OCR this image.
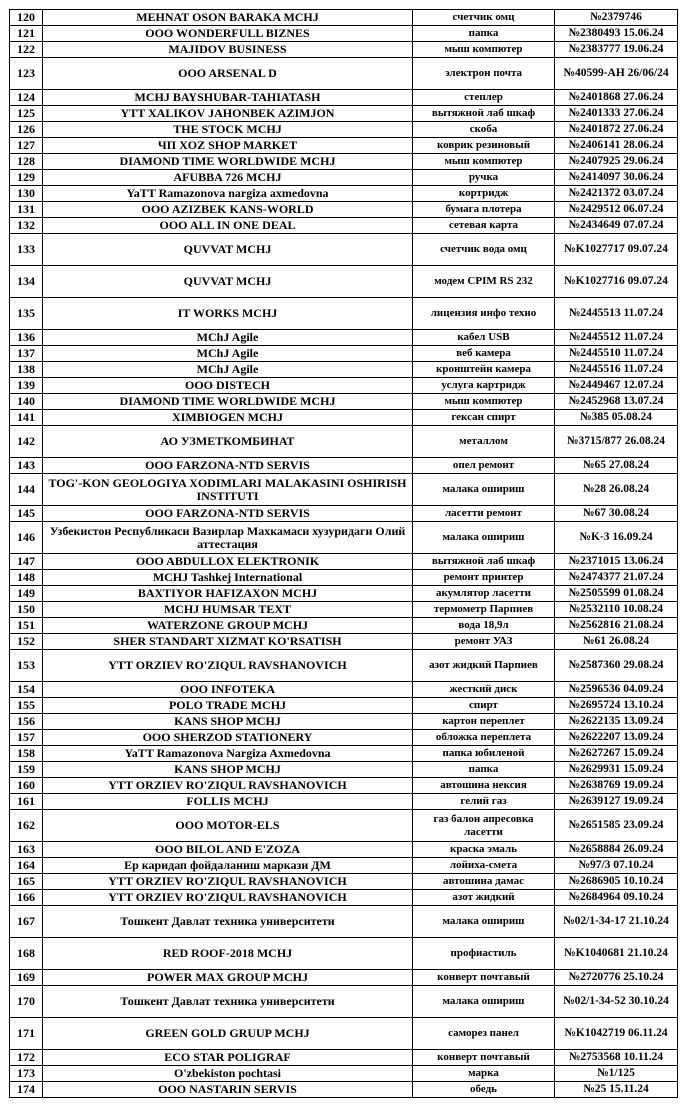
120	MEHNAT OSON BARAKA MCHJ	счетчик омц	№2379746
121	OOO WONDERFULL BIZNES	папка	№2380493 15.06.24
122	MAJIDOV BUSINESS	мыш компютер	№2383777 19.06.24
123	OOO ARSENAL D	электрон почта	№40599-AH 26/06/24
124	MCHJ BAYSHUBAR-TAHIATASH	степлер	№2401868 27.06.24
125	YTT XALIKOV JAHONBEK AZIMJON	вытяжной лаб шкаф	№2401333 27.06.24
126	THE STOCK MCHJ	скоба	№2401872 27.06.24
127	ЧП XOZ SHOP MARKET	коврик резиновый	№2406141 28.06.24
128	DIAMOND TIME WORLDWIDE MCHJ	мыш компютер	№2407925 29.06.24
129	AFUBBA 726 MCHJ	ручка	№2414097 30.06.24
130	YaTT Ramazonova nargiza axmedovna	кортридж	№2421372 03.07.24
131	OOO AZIZBEK KANS-WORLD	бумага плотера	№2429512 06.07.24
132	OOO ALL IN ONE DEAL	сетевая карта	№2434649 07.07.24
133	QUVVAT MCHJ	счетчик вода омц	№K1027717 09.07.24
134	QUVVAT MCHJ	модем CPIM RS 232	№K1027716 09.07.24
135	IT WORKS MCHJ	лицензия инфо техно	№2445513 11.07.24
136	MChJ Agile	кабел USB	№2445512 11.07.24
137	MChJ Agile	веб камера	№2445510 11.07.24
138	MChJ Agile	кронштейн камера	№2445516 11.07.24
139	OOO DISTECH	услуга картридж	№2449467 12.07.24
140	DIAMOND TIME WORLDWIDE MCHJ	мыш компютер	№2452968 13.07.24
141	XIMBIOGEN MCHJ	гексан спирт	№385 05.08.24
142	АО УЗМЕТКОМБИНАТ	металлом	№3715/877 26.08.24
143	OOO FARZONA-NTD SERVIS	опел ремонт	№65 27.08.24
144	TOG'-KON GEOLOGIYA XODIMLARI MALAKASINI OSHIRISH INSTITUTI	малака ошириш	№28 26.08.24
145	OOO FARZONA-NTD SERVIS	ласетти ремонт	№67 30.08.24
146	Узбекистон Республикаси Вазирлар Махкамаси хузуридаги Олий аттестация	малака ошириш	№K-3 16.09.24
147	OOO ABDULLOX ELEKTRONIK	вытяжной лаб шкаф	№2371015 13.06.24
148	MCHJ Tashkej International	ремонт принтер	№2474377 21.07.24
149	BAXTIYOR HAFIZAXON MCHJ	акумлятор ласетти	№2505599 01.08.24
150	MCHJ HUMSAR TEXT	термометр Парпиев	№2532110 10.08.24
151	WATERZONE GROUP MCHJ	вода 18,9л	№2562816 21.08.24
152	SHER STANDART XIZMAT KO'RSATISH	ремонт УАЗ	№61 26.08.24
153	YTT ORZIEV RO'ZIQUL RAVSHANOVICH	азот жидкий Парпиев	№2587360 29.08.24
154	OOO INFOTEKA	жесткий диск	№2596536 04.09.24
155	POLO TRADE MCHJ	спирт	№2695724 13.10.24
156	KANS SHOP MCHJ	картон переплет	№2622135 13.09.24
157	OOO SHERZOD STATIONERY	обложка переплета	№2622207 13.09.24
158	YaTT Ramazonova Nargiza Axmedovna	папка юбиленой	№2627267 15.09.24
159	KANS SHOP MCHJ	папка	№2629931 15.09.24
160	YTT ORZIEV RO'ZIQUL RAVSHANOVICH	автошина нексия	№2638769 19.09.24
161	FOLLIS MCHJ	гелий газ	№2639127 19.09.24
162	OOO MOTOR-ELS	газ балон апресовка ласетти	№2651585 23.09.24
163	OOO BILOL AND E'ZOZA	краска эмаль	№2658884 26.09.24
164	Ер каридап фойдаланиш маркази ДМ	лойиха-смета	№97/3 07.10.24
165	YTT ORZIEV RO'ZIQUL RAVSHANOVICH	автошина дамас	№2686905 10.10.24
166	YTT ORZIEV RO'ZIQUL RAVSHANOVICH	азот жидкий	№2684964 09.10.24
167	Тошкент Давлат техника университети	малака ошириш	№02/1-34-17 21.10.24
168	RED ROOF-2018 MCHJ	профиастиль	№K1040681 21.10.24
169	POWER MAX GROUP MCHJ	конверт почтавый	№2720776 25.10.24
170	Тошкент Давлат техника университети	малака ошириш	№02/1-34-52 30.10.24
171	GREEN GOLD GRUUP MCHJ	саморез панел	№K1042719 06.11.24
172	ECO STAR POLIGRAF	конверт почтавый	№2753568 10.11.24
173	O'zbekiston pochtasi	марка	№1/125
174	OOO NASTARIN SERVIS	обедь	№25 15.11.24
